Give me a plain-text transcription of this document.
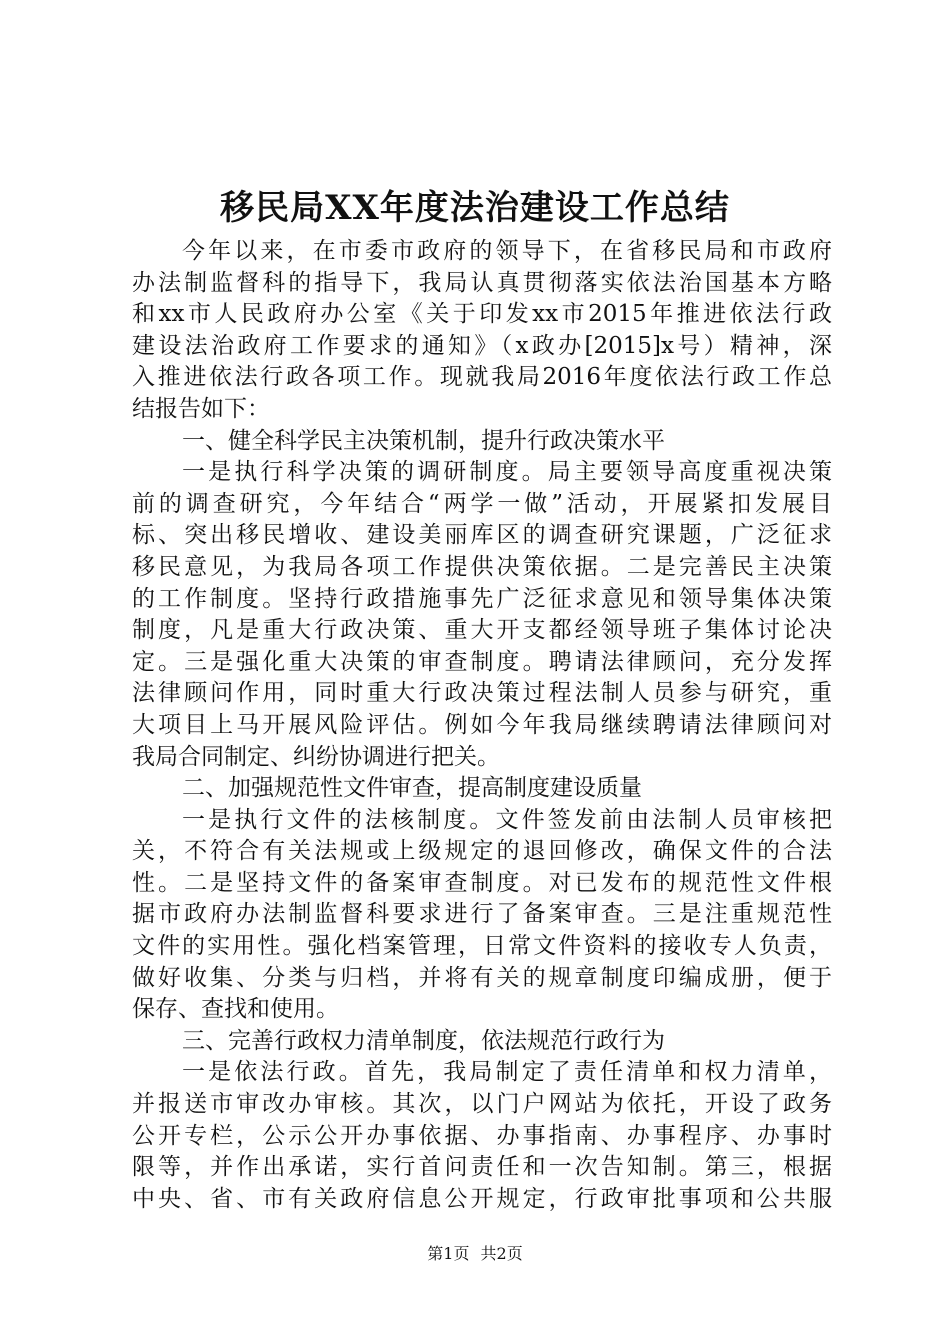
移民局XX年度法治建设工作总结
今年以来，在市委市政府的领导下，在省移民局和市政府
办法制监督科的指导下，我局认真贯彻落实依法治国基本方略
和xx市人民政府办公室《关于印发xx市2015年推进依法行政
建设法治政府工作要求的通知》（x政办[2015]x号）精神，深
入推进依法行政各项工作。现就我局2016年度依法行政工作总
结报告如下：
一、健全科学民主决策机制，提升行政决策水平
一是执行科学决策的调研制度。局主要领导高度重视决策
前的调查研究，今年结合“两学一做”活动，开展紧扣发展目
标、突出移民增收、建设美丽库区的调查研究课题，广泛征求
移民意见，为我局各项工作提供决策依据。二是完善民主决策
的工作制度。坚持行政措施事先广泛征求意见和领导集体决策
制度，凡是重大行政决策、重大开支都经领导班子集体讨论决
定。三是强化重大决策的审查制度。聘请法律顾问，充分发挥
法律顾问作用，同时重大行政决策过程法制人员参与研究，重
大项目上马开展风险评估。例如今年我局继续聘请法律顾问对
我局合同制定、纠纷协调进行把关。
二、加强规范性文件审查，提高制度建设质量
一是执行文件的法核制度。文件签发前由法制人员审核把
关，不符合有关法规或上级规定的退回修改，确保文件的合法
性。二是坚持文件的备案审查制度。对已发布的规范性文件根
据市政府办法制监督科要求进行了备案审查。三是注重规范性
文件的实用性。强化档案管理，日常文件资料的接收专人负责，
做好收集、分类与归档，并将有关的规章制度印编成册，便于
保存、查找和使用。
三、完善行政权力清单制度，依法规范行政行为
一是依法行政。首先，我局制定了责任清单和权力清单，
并报送市审改办审核。其次，以门户网站为依托，开设了政务
公开专栏，公示公开办事依据、办事指南、办事程序、办事时
限等，并作出承诺，实行首问责任和一次告知制。第三，根据
中央、省、市有关政府信息公开规定，行政审批事项和公共服
第1页 共2页
